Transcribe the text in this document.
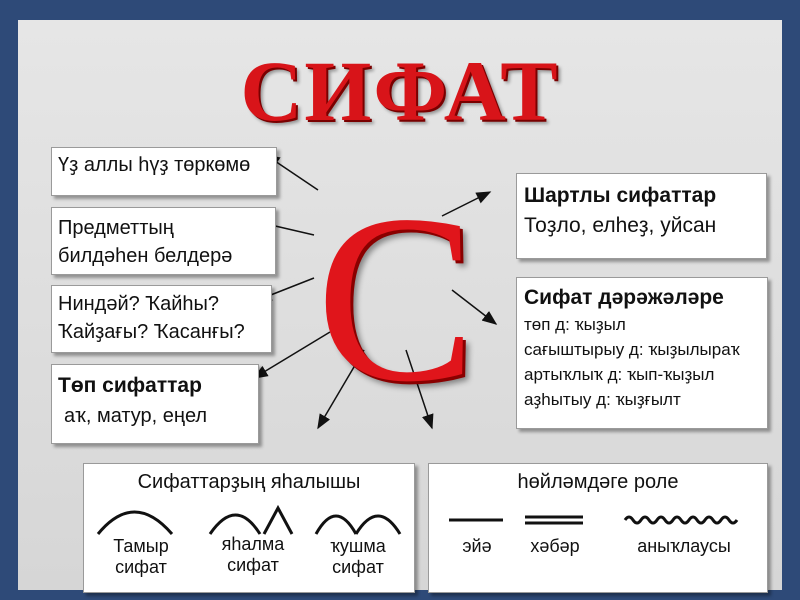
СИФАТ
С
Үҙ аллы һүҙ төркөмө
Предметтың
билдәһен белдерә
Ниндәй? Ҡайһы?
Ҡайҙағы? Ҡасанғы?
Төп сифаттар
аҡ, матур, еңел
Шартлы сифаттар
Тоҙло, елһеҙ, уйсан
Сифат дәрәжәләре
төп д: ҡыҙыл
сағыштырыу д: ҡыҙылыраҡ
артыҡлыҡ д: ҡып-ҡыҙыл
аҙһытыу д: ҡыҙғылт
Сифаттарҙың яһалышы
Тамыр
сифат
яһалма
сифат
ҡушма
сифат
һөйләмдәге роле
эйә	хәбәр	аныҡлаусы
